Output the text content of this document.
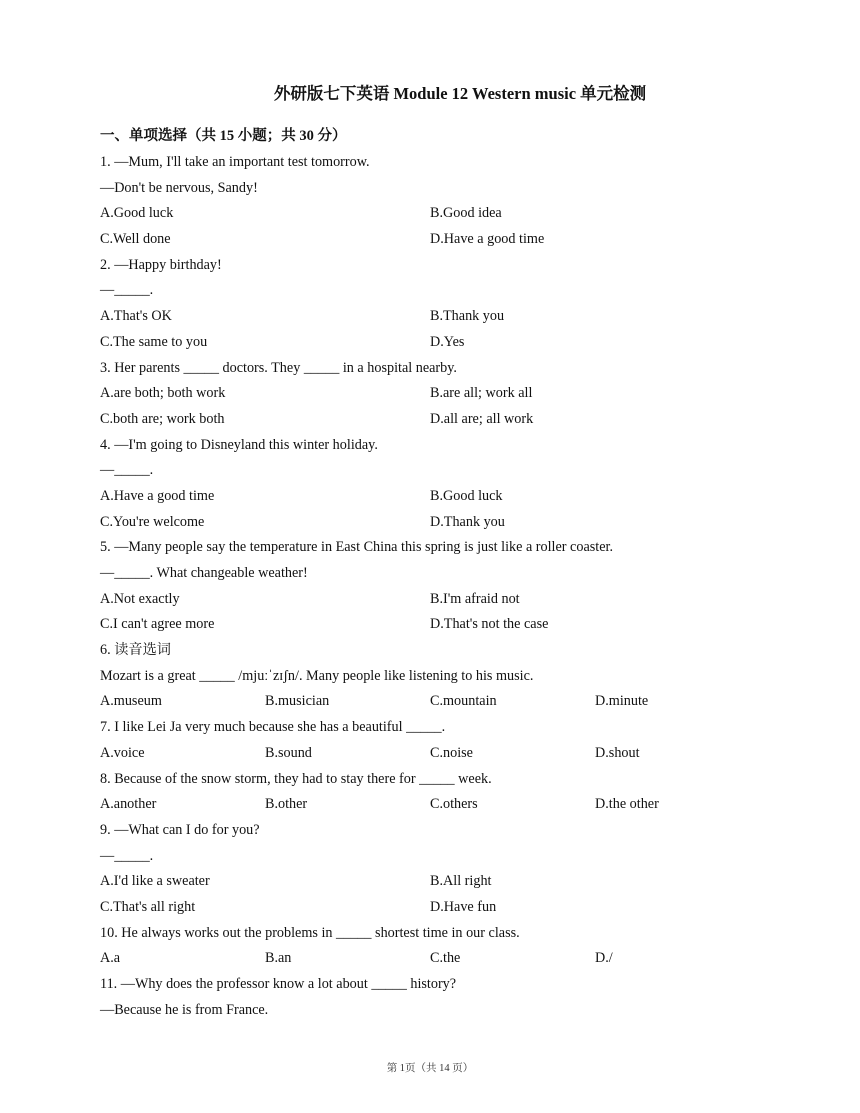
外研版七下英语 Module 12 Western music 单元检测
一、单项选择（共 15 小题；共 30 分）
1. —Mum, I'll take an important test tomorrow.
—Don't be nervous, Sandy!
A.Good luck	B.Good idea
C.Well done	D.Have a good time
2. —Happy birthday!
—_____.
A.That's OK	B.Thank you
C.The same to you	D.Yes
3. Her parents _____ doctors. They _____ in a hospital nearby.
A.are both; both work	B.are all; work all
C.both are; work both	D.all are; all work
4. —I'm going to Disneyland this winter holiday.
—_____.
A.Have a good time	B.Good luck
C.You're welcome	D.Thank you
5. —Many people say the temperature in East China this spring is just like a roller coaster.
—_____. What changeable weather!
A.Not exactly	B.I'm afraid not
C.I can't agree more	D.That's not the case
6. 读音选词
Mozart is a great _____ /mjuːˈzɪʃn/. Many people like listening to his music.
A.museum	B.musician	C.mountain	D.minute
7. I like Lei Ja very much because she has a beautiful _____.
A.voice	B.sound	C.noise	D.shout
8. Because of the snow storm, they had to stay there for _____ week.
A.another	B.other	C.others	D.the other
9. —What can I do for you?
—_____.
A.I'd like a sweater	B.All right
C.That's all right	D.Have fun
10. He always works out the problems in _____ shortest time in our class.
A.a	B.an	C.the	D./
11. —Why does the professor know a lot about _____ history?
—Because he is from France.
第 1页（共 14 页）
